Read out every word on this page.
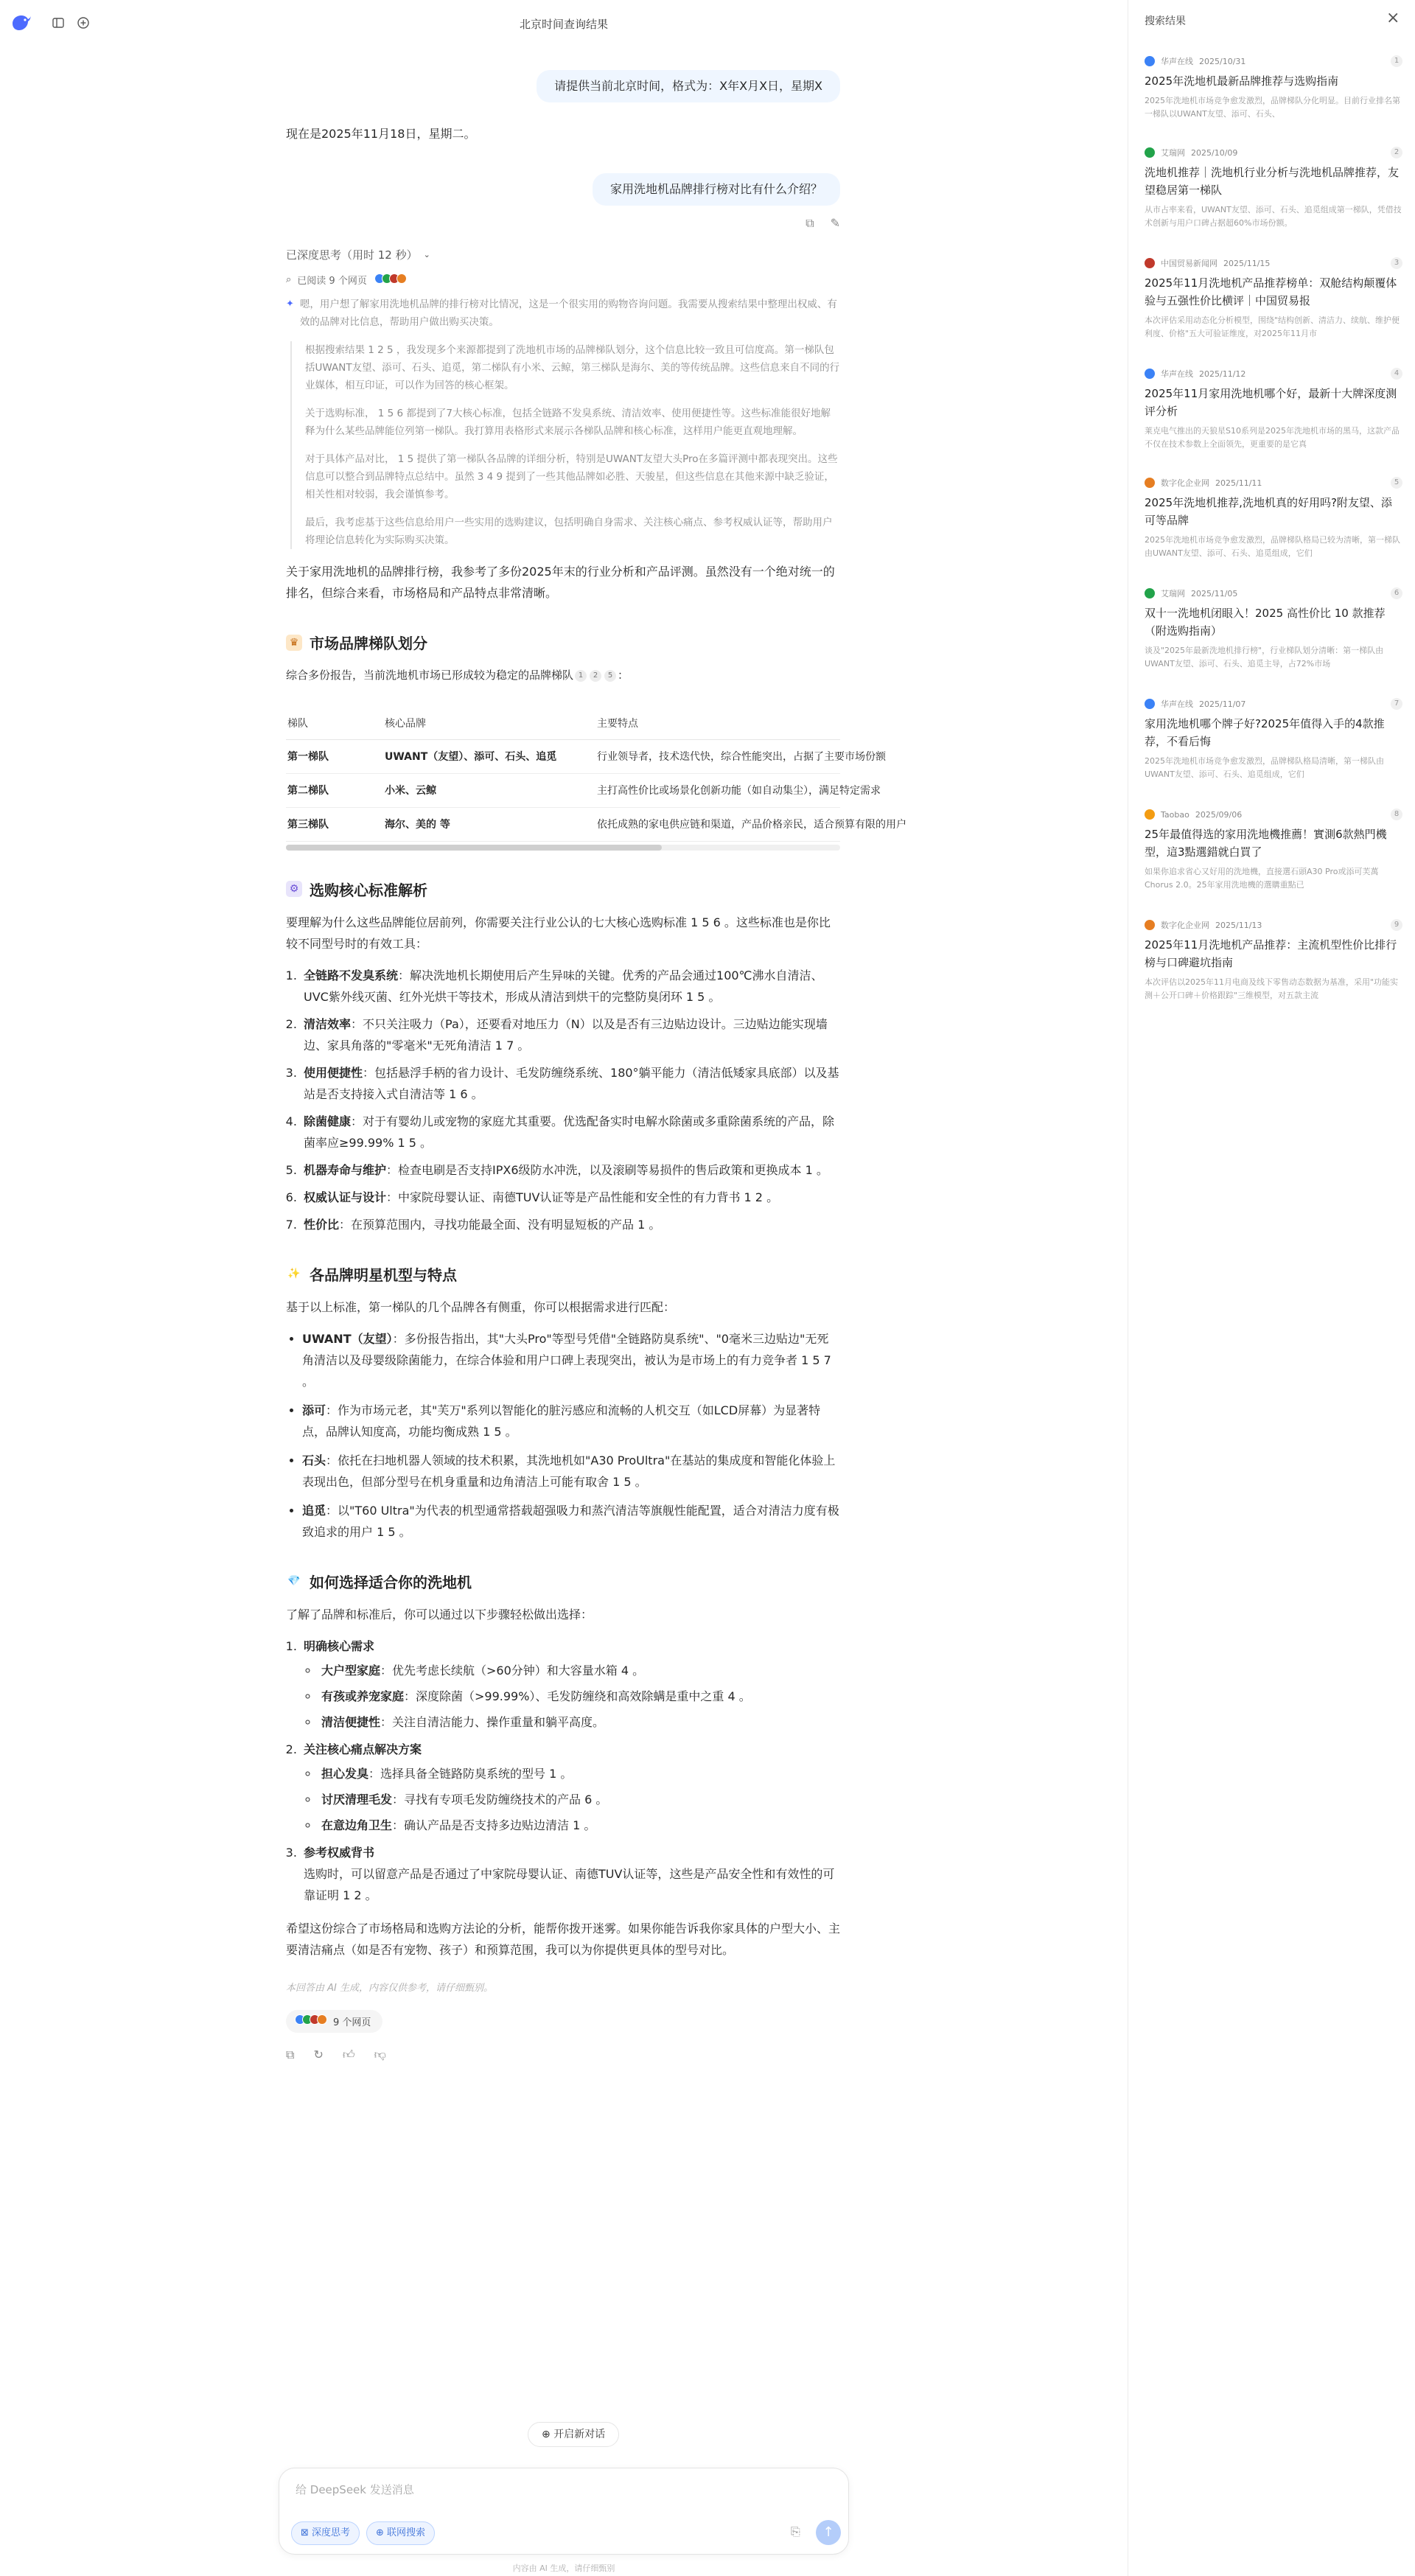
北京时间查询结果
请提供当前北京时间，格式为：X年X月X日，星期X
现在是2025年11月18日，星期二。
家用洗地机品牌排行榜对比有什么介绍？
⧉ ✎
已深度思考（用时 12 秒） ⌄
⌕ 已阅读 9 个网页
✦ 嗯，用户想了解家用洗地机品牌的排行榜对比情况，这是一个很实用的购物咨询问题。我需要从搜索结果中整理出权威、有效的品牌对比信息，帮助用户做出购买决策。

根据搜索结果 1 2 5 ，我发现多个来源都提到了洗地机市场的品牌梯队划分，这个信息比较一致且可信度高。第一梯队包括UWANT友望、添可、石头、追觅，第二梯队有小米、云鲸，第三梯队是海尔、美的等传统品牌。这些信息来自不同的行业媒体，相互印证，可以作为回答的核心框架。

关于选购标准， 1 5 6 都提到了7大核心标准，包括全链路不发臭系统、清洁效率、使用便捷性等。这些标准能很好地解释为什么某些品牌能位列第一梯队。我打算用表格形式来展示各梯队品牌和核心标准，这样用户能更直观地理解。

对于具体产品对比， 1 5 提供了第一梯队各品牌的详细分析，特别是UWANT友望大头Pro在多篇评测中都表现突出。这些信息可以整合到品牌特点总结中。虽然 3 4 9 提到了一些其他品牌如必胜、天骏星，但这些信息在其他来源中缺乏验证，相关性相对较弱，我会谨慎参考。

最后，我考虑基于这些信息给用户一些实用的选购建议，包括明确自身需求、关注核心痛点、参考权威认证等，帮助用户将理论信息转化为实际购买决策。

关于家用洗地机的品牌排行榜，我参考了多份2025年末的行业分析和产品评测。虽然没有一个绝对统一的排名，但综合来看，市场格局和产品特点非常清晰。
♛ 市场品牌梯队划分
综合多份报告，当前洗地机市场已形成较为稳定的品牌梯队 1 2 5 ：
梯队	核心品牌	主要特点
第一梯队	UWANT（友望）、添可、石头、追觅	行业领导者，技术迭代快，综合性能突出，占据了主要市场份额
第二梯队	小米、云鲸	主打高性价比或场景化创新功能（如自动集尘），满足特定需求
第三梯队	海尔、美的 等	依托成熟的家电供应链和渠道，产品价格亲民，适合预算有限的用户
⚙ 选购核心标准解析
要理解为什么这些品牌能位居前列，你需要关注行业公认的七大核心选购标准 1 5 6 。这些标准也是你比较不同型号时的有效工具：
1. 全链路不发臭系统：解决洗地机长期使用后产生异味的关键。优秀的产品会通过100℃沸水自清洁、UVC紫外线灭菌、红外光烘干等技术，形成从清洁到烘干的完整防臭闭环 1 5 。
2. 清洁效率：不只关注吸力（Pa），还要看对地压力（N）以及是否有三边贴边设计。三边贴边能实现墙边、家具角落的"零毫米"无死角清洁 1 7 。
3. 使用便捷性：包括悬浮手柄的省力设计、毛发防缠绕系统、180°躺平能力（清洁低矮家具底部）以及基站是否支持接入式自清洁等 1 6 。
4. 除菌健康：对于有婴幼儿或宠物的家庭尤其重要。优选配备实时电解水除菌或多重除菌系统的产品，除菌率应≥99.99% 1 5 。
5. 机器寿命与维护：检查电刷是否支持IPX6级防水冲洗，以及滚刷等易损件的售后政策和更换成本 1 。
6. 权威认证与设计：中家院母婴认证、南德TUV认证等是产品性能和安全性的有力背书 1 2 。
7. 性价比：在预算范围内，寻找功能最全面、没有明显短板的产品 1 。
✨ 各品牌明星机型与特点
基于以上标准，第一梯队的几个品牌各有侧重，你可以根据需求进行匹配：
• UWANT（友望）：多份报告指出，其"大头Pro"等型号凭借"全链路防臭系统"、"0毫米三边贴边"无死角清洁以及母婴级除菌能力，在综合体验和用户口碑上表现突出，被认为是市场上的有力竞争者 1 5 7 。
• 添可：作为市场元老，其"芙万"系列以智能化的脏污感应和流畅的人机交互（如LCD屏幕）为显著特点，品牌认知度高，功能均衡成熟 1 5 。
• 石头：依托在扫地机器人领域的技术积累，其洗地机如"A30 ProUltra"在基站的集成度和智能化体验上表现出色，但部分型号在机身重量和边角清洁上可能有取舍 1 5 。
• 追觅：以"T60 Ultra"为代表的机型通常搭载超强吸力和蒸汽清洁等旗舰性能配置，适合对清洁力度有极致追求的用户 1 5 。
💎 如何选择适合你的洗地机
了解了品牌和标准后，你可以通过以下步骤轻松做出选择：
1. 明确核心需求
◦ 大户型家庭：优先考虑长续航（>60分钟）和大容量水箱 4 。
◦ 有孩或养宠家庭：深度除菌（>99.99%）、毛发防缠绕和高效除螨是重中之重 4 。
◦ 清洁便捷性：关注自清洁能力、操作重量和躺平高度。
2. 关注核心痛点解决方案
◦ 担心发臭：选择具备全链路防臭系统的型号 1 。
◦ 讨厌清理毛发：寻找有专项毛发防缠绕技术的产品 6 。
◦ 在意边角卫生：确认产品是否支持多边贴边清洁 1 。
3. 参考权威背书
选购时，可以留意产品是否通过了中家院母婴认证、南德TUV认证等，这些是产品安全性和有效性的可靠证明 1 2 。
希望这份综合了市场格局和选购方法论的分析，能帮你拨开迷雾。如果你能告诉我你家具体的户型大小、主要清洁痛点（如是否有宠物、孩子）和预算范围，我可以为你提供更具体的型号对比。
本回答由 AI 生成，内容仅供参考，请仔细甄别。
9 个网页
⧉ ↻ 👍︎ 👎︎
⊕ 开启新对话
给 DeepSeek 发送消息
⊠ 深度思考	⊕ 联网搜索	⎘	↑
内容由 AI 生成，请仔细甄别
搜索结果	×
华声在线 2025/10/31	1
2025年洗地机最新品牌推荐与选购指南
2025年洗地机市场竞争愈发激烈，品牌梯队分化明显。目前行业排名第一梯队以UWANT友望、添可、石头、
艾瑞网 2025/10/09	2
洗地机推荐｜洗地机行业分析与洗地机品牌推荐，友望稳居第一梯队
从市占率来看，UWANT友望、添可、石头、追觅组成第一梯队，凭借技术创新与用户口碑占据超60%市场份额。
中国贸易新闻网 2025/11/15	3
2025年11月洗地机产品推荐榜单：双舱结构颠覆体验与五强性价比横评｜中国贸易报
本次评估采用动态化分析模型，围绕"结构创新、清洁力、续航、维护便利度、价格"五大可验证维度，对2025年11月市
华声在线 2025/11/12	4
2025年11月家用洗地机哪个好，最新十大牌深度测评分析
莱克电气推出的天狼星S10系列是2025年洗地机市场的黑马，这款产品不仅在技术参数上全面领先，更重要的是它真
数字化企业网 2025/11/11	5
2025年洗地机推荐,洗地机真的好用吗?附友望、添可等品牌
2025年洗地机市场竞争愈发激烈，品牌梯队格局已较为清晰，第一梯队由UWANT友望、添可、石头、追觅组成，它们
艾瑞网 2025/11/05	6
双十一洗地机闭眼入！2025 高性价比 10 款推荐（附选购指南）
谈及"2025年最新洗地机排行榜"，行业梯队划分清晰：第一梯队由UWANT友望、添可、石头、追觅主导，占72%市场
华声在线 2025/11/07	7
家用洗地机哪个牌子好?2025年值得入手的4款推荐，不看后悔
2025年洗地机市场竞争愈发激烈，品牌梯队格局清晰，第一梯队由UWANT友望、添可、石头、追觅组成，它们
Taobao 2025/09/06	8
25年最值得选的家用洗地機推薦！實測6款熱門機型，這3點選錯就白買了
如果你追求省心又好用的洗地機，直接選石頭A30 Pro或添可芙萬Chorus 2.0。25年家用洗地機的選購重點已
数字化企业网 2025/11/13	9
2025年11月洗地机产品推荐：主流机型性价比排行榜与口碑避坑指南
本次评估以2025年11月电商及线下零售动态数据为基准，采用"功能实测＋公开口碑＋价格跟踪"三维模型，对五款主流
